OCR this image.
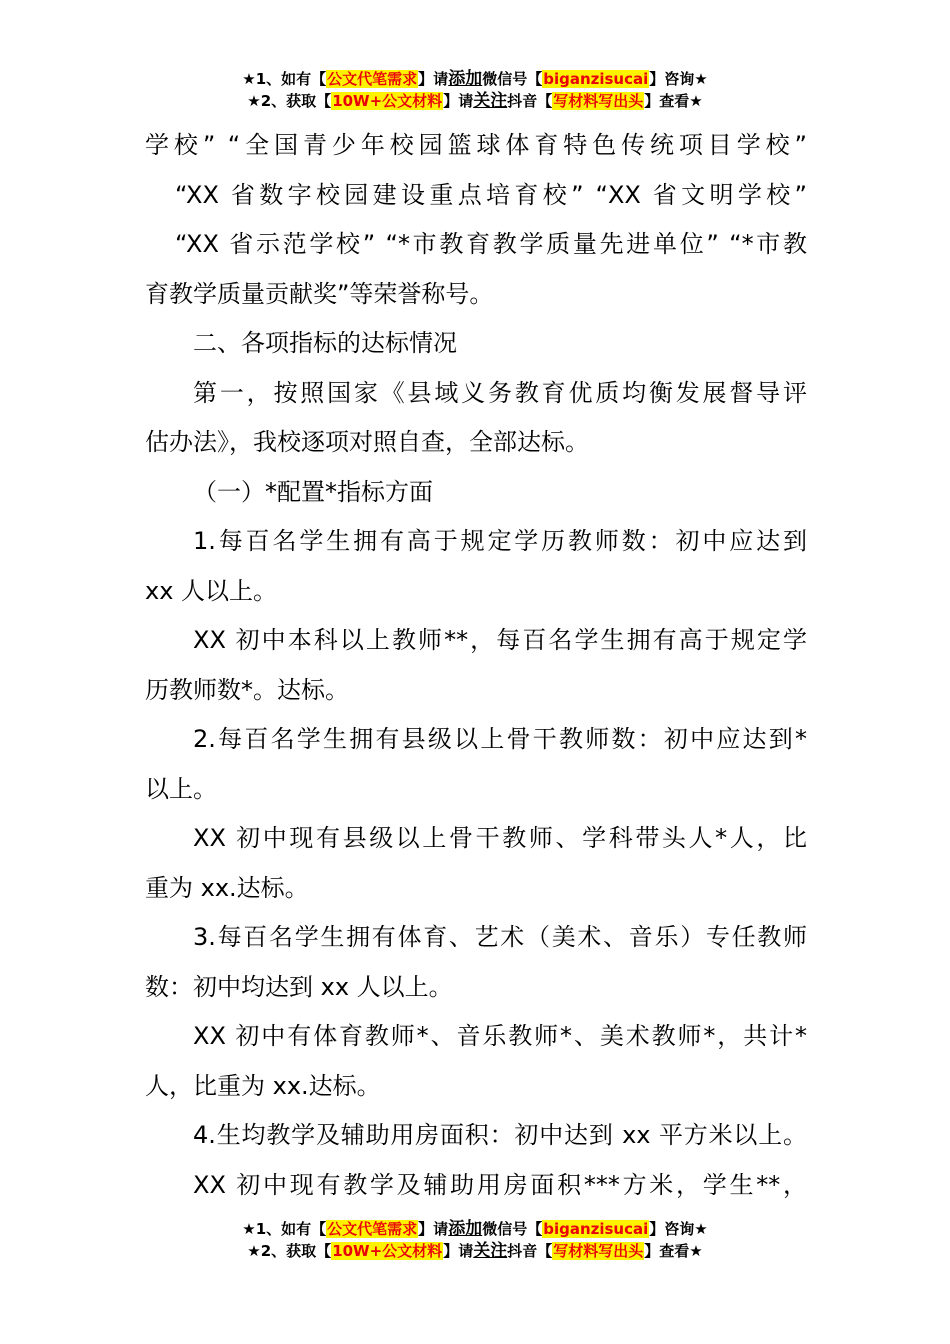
★1、如有【公文代笔需求】请添加微信号【biganzisucai】咨询★
★2、获取【10W+公文材料】请关注抖音【写材料写出头】查看★

学校” “全国青少年校园篮球体育特色传统项目学校”

“XX 省数字校园建设重点培育校” “XX 省文明学校”

“XX 省示范学校” “*市教育教学质量先进单位” “*市教

育教学质量贡献奖”等荣誉称号。

二、各项指标的达标情况

第一，按照国家《县域义务教育优质均衡发展督导评

估办法》，我校逐项对照自查，全部达标。

（一）*配置*指标方面

1.每百名学生拥有高于规定学历教师数：初中应达到

xx 人以上。

XX 初中本科以上教师**，每百名学生拥有高于规定学

历教师数*。达标。

2.每百名学生拥有县级以上骨干教师数：初中应达到*

以上。

XX 初中现有县级以上骨干教师、学科带头人*人，比

重为 xx.达标。

3.每百名学生拥有体育、艺术（美术、音乐）专任教师

数：初中均达到 xx 人以上。

XX 初中有体育教师*、音乐教师*、美术教师*，共计*

人，比重为 xx.达标。

4.生均教学及辅助用房面积：初中达到 xx 平方米以上。

XX 初中现有教学及辅助用房面积***方米，学生**，

★1、如有【公文代笔需求】请添加微信号【biganzisucai】咨询★
★2、获取【10W+公文材料】请关注抖音【写材料写出头】查看★
